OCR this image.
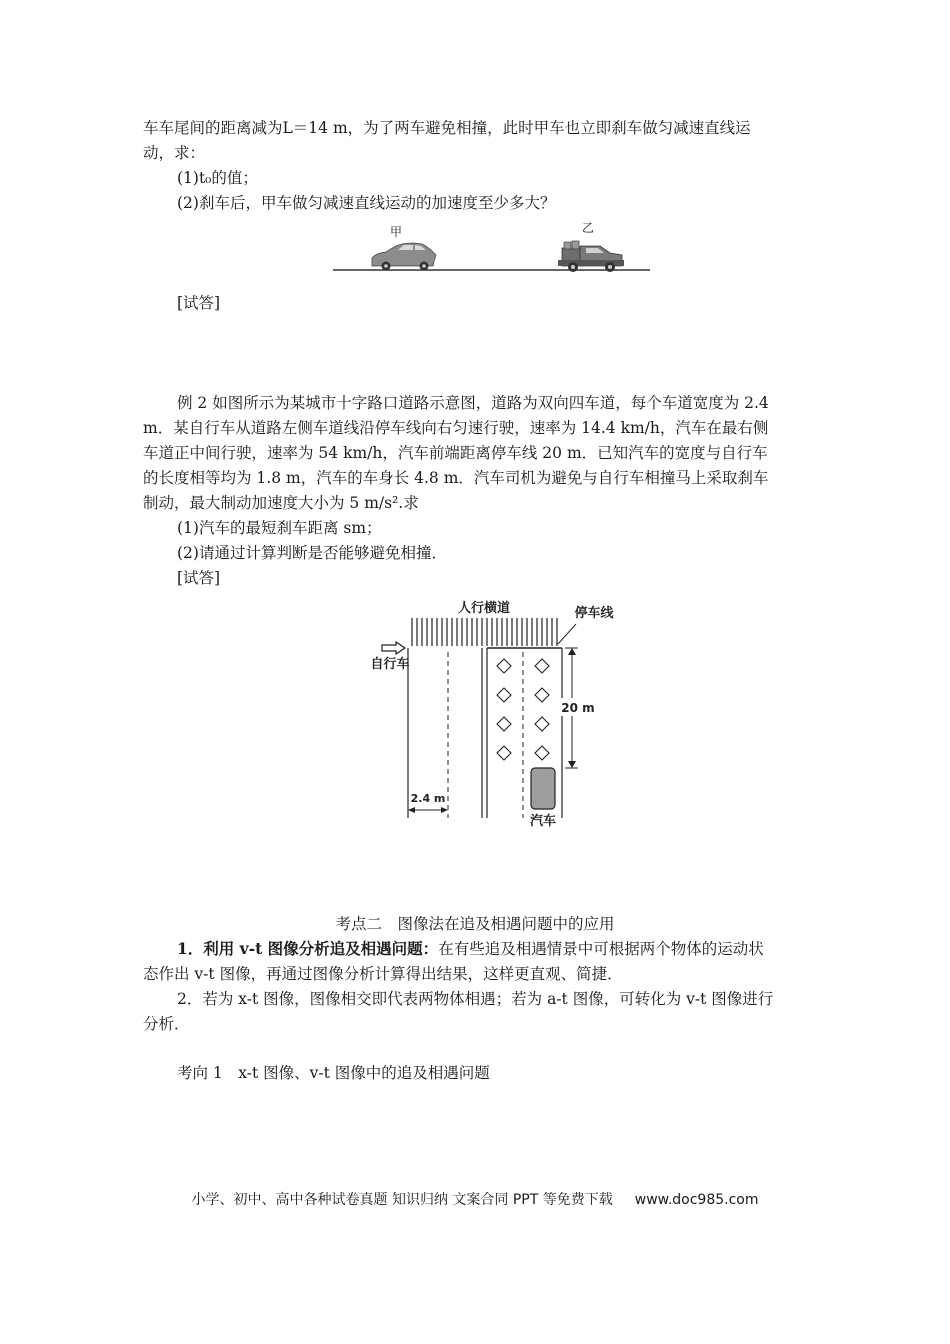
车车尾间的距离减为L＝14 m，为了两车避免相撞，此时甲车也立即刹车做匀减速直线运
动，求：
(1)t₀的值；
(2)刹车后，甲车做匀减速直线运动的加速度至少多大？
甲	乙
[试答]
例 2 如图所示为某城市十字路口道路示意图，道路为双向四车道，每个车道宽度为 2.4
m．某自行车从道路左侧车道线沿停车线向右匀速行驶，速率为 14.4 km/h，汽车在最右侧
车道正中间行驶，速率为 54 km/h，汽车前端距离停车线 20 m．已知汽车的宽度与自行车
的长度相等均为 1.8 m，汽车的车身长 4.8 m．汽车司机为避免与自行车相撞马上采取刹车
制动，最大制动加速度大小为 5 m/s².求
(1)汽车的最短刹车距离 sm；
(2)请通过计算判断是否能够避免相撞．
[试答]
人行横道	停车线
自行车
汽车
20 m
2.4 m
考点二　图像法在追及相遇问题中的应用
1．利用 v-t 图像分析追及相遇问题：在有些追及相遇情景中可根据两个物体的运动状
态作出 v-t 图像，再通过图像分析计算得出结果，这样更直观、简捷．
2．若为 x-t 图像，图像相交即代表两物体相遇；若为 a-t 图像，可转化为 v-t 图像进行
分析．
考向 1　x-t 图像、v-t 图像中的追及相遇问题
小学、初中、高中各种试卷真题 知识归纳 文案合同 PPT 等免费下载 www.doc985.com
